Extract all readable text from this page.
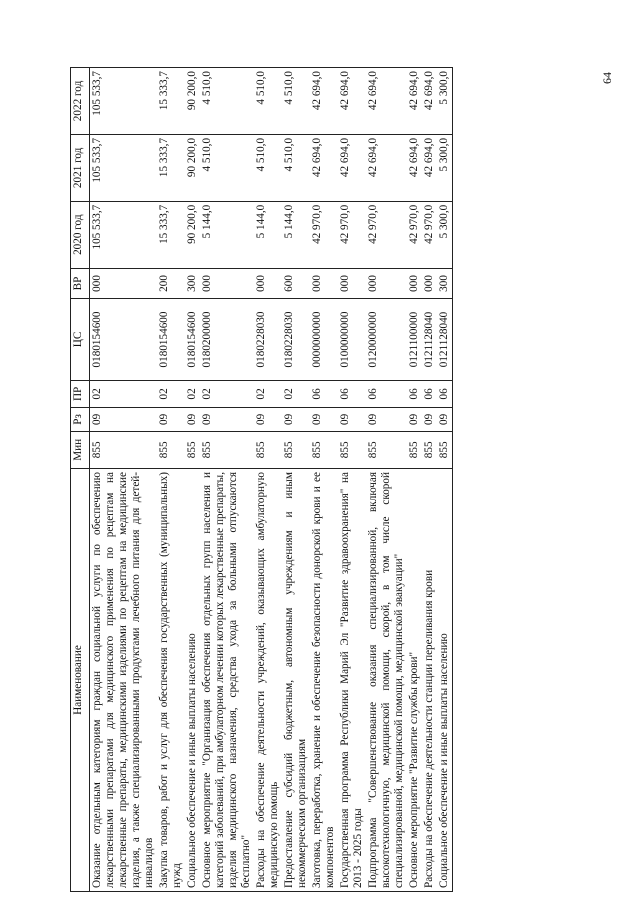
64
Наименование	Мин	Рз	ПР	ЦС	ВР	2020 год	2021 год	2022 год
Оказание отдельным категориям граждан социальной услуги по обеспечению лекарственными препаратами для медицинского применения по рецептам на лекарственные препараты, медицинскими изделиями по рецептам на медицинские изделия, а также специализированными продуктами лечебного питания для детей-инвалидов	855	09	02	0180154600	000	105 533,7	105 533,7	105 533,7
Закупка товаров, работ и услуг для обеспечения государственных (муниципальных) нужд	855	09	02	0180154600	200	15 333,7	15 333,7	15 333,7
Социальное обеспечение и иные выплаты населению	855	09	02	0180154600	300	90 200,0	90 200,0	90 200,0
Основное мероприятие "Организация обеспечения отдельных групп населения и категорий заболеваний, при амбулаторном лечении которых лекарственные препараты, изделия медицинского назначения, средства ухода за больными отпускаются бесплатно"	855	09	02	0180200000	000	5 144,0	4 510,0	4 510,0
Расходы на обеспечение деятельности учреждений, оказывающих амбулаторную медицинскую помощь	855	09	02	0180228030	000	5 144,0	4 510,0	4 510,0
Предоставление субсидий бюджетным, автономным учреждениям и иным некоммерческим организациям	855	09	02	0180228030	600	5 144,0	4 510,0	4 510,0
Заготовка, переработка, хранение и обеспечение безопасности донорской крови и ее компонентов	855	09	06	0000000000	000	42 970,0	42 694,0	42 694,0
Государственная программа Республики Марий Эл "Развитие здравоохранения" на 2013 - 2025 годы	855	09	06	0100000000	000	42 970,0	42 694,0	42 694,0
Подпрограмма "Совершенствование оказания специализированной, включая высокотехнологичную, медицинской помощи, скорой, в том числе скорой специализированной, медицинской помощи, медицинской эвакуации"	855	09	06	0120000000	000	42 970,0	42 694,0	42 694,0
Основное мероприятие "Развитие службы крови"	855	09	06	0121100000	000	42 970,0	42 694,0	42 694,0
Расходы на обеспечение деятельности станции переливания крови	855	09	06	0121128040	000	42 970,0	42 694,0	42 694,0
Социальное обеспечение и иные выплаты населению	855	09	06	0121128040	300	5 300,0	5 300,0	5 300,0
